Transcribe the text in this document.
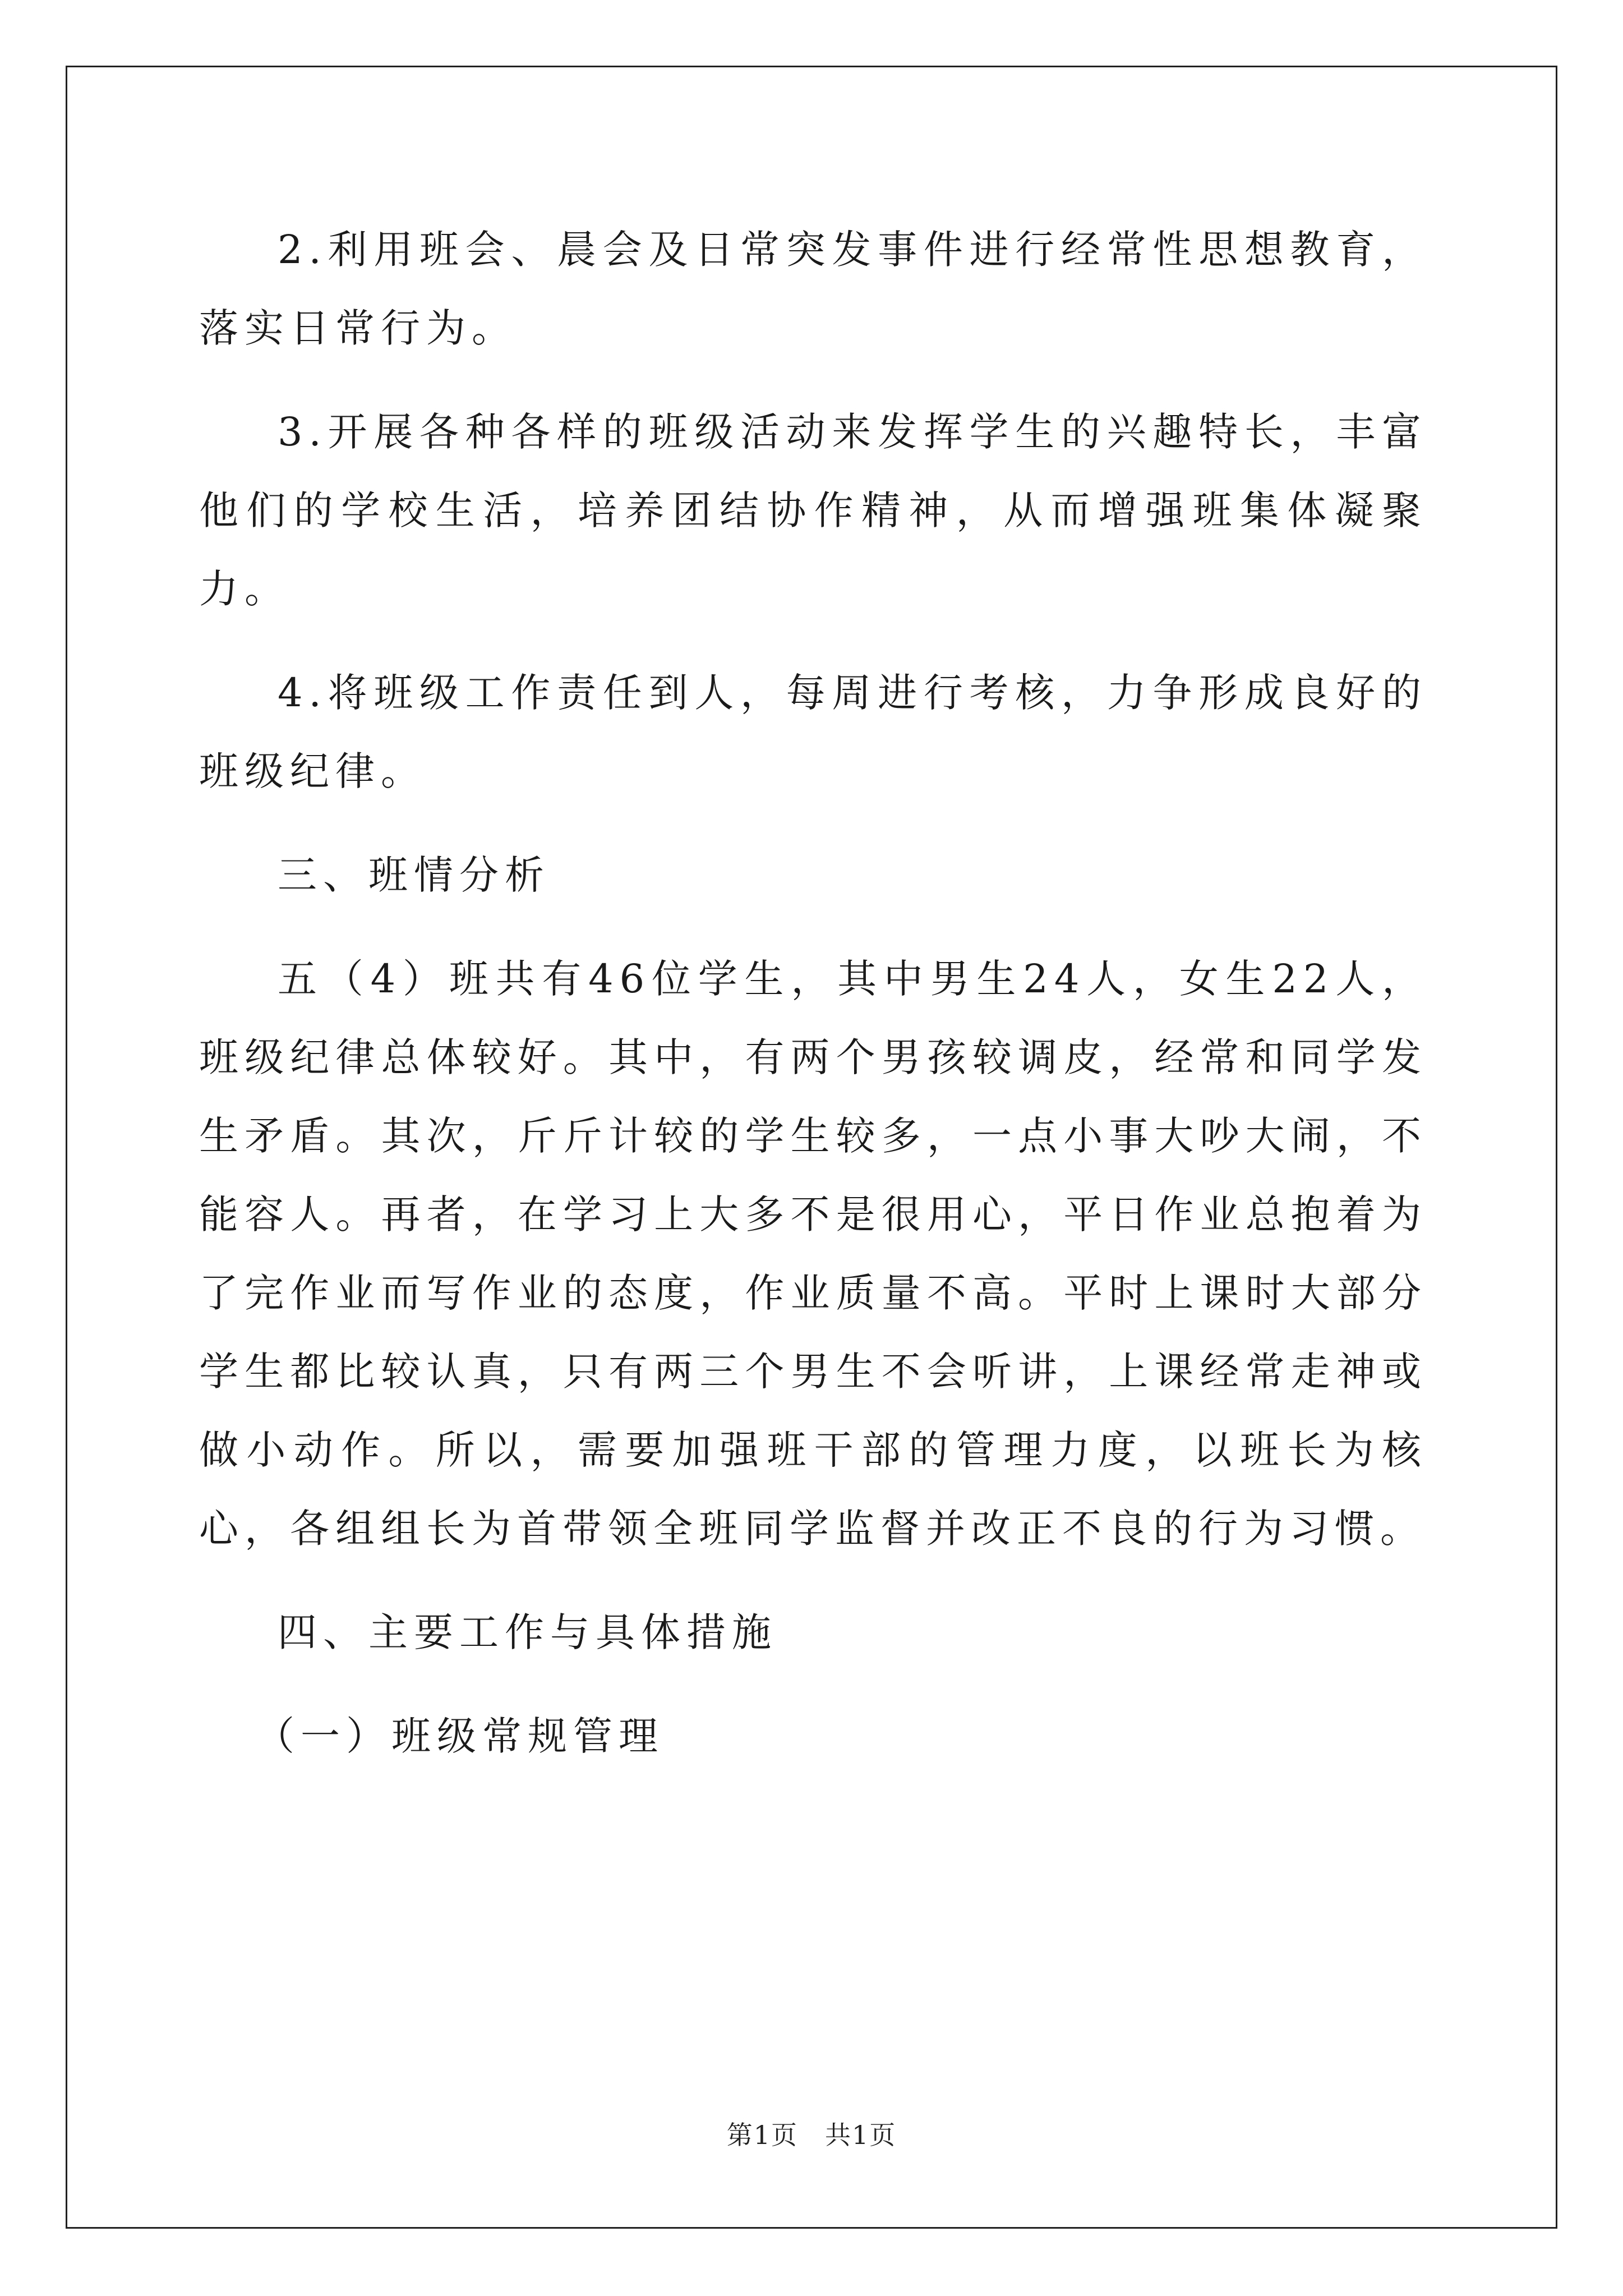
2.利用班会、晨会及日常突发事件进行经常性思想教育，落实日常行为。

3.开展各种各样的班级活动来发挥学生的兴趣特长，丰富他们的学校生活，培养团结协作精神，从而增强班集体凝聚力。

4.将班级工作责任到人，每周进行考核，力争形成良好的班级纪律。

三、班情分析

五（4）班共有46位学生，其中男生24人，女生22人，班级纪律总体较好。其中，有两个男孩较调皮，经常和同学发生矛盾。其次，斤斤计较的学生较多，一点小事大吵大闹，不能容人。再者，在学习上大多不是很用心，平日作业总抱着为了完作业而写作业的态度，作业质量不高。平时上课时大部分学生都比较认真，只有两三个男生不会听讲，上课经常走神或做小动作。所以，需要加强班干部的管理力度，以班长为核心，各组组长为首带领全班同学监督并改正不良的行为习惯。

四、主要工作与具体措施

（一）班级常规管理

第1页　共1页
